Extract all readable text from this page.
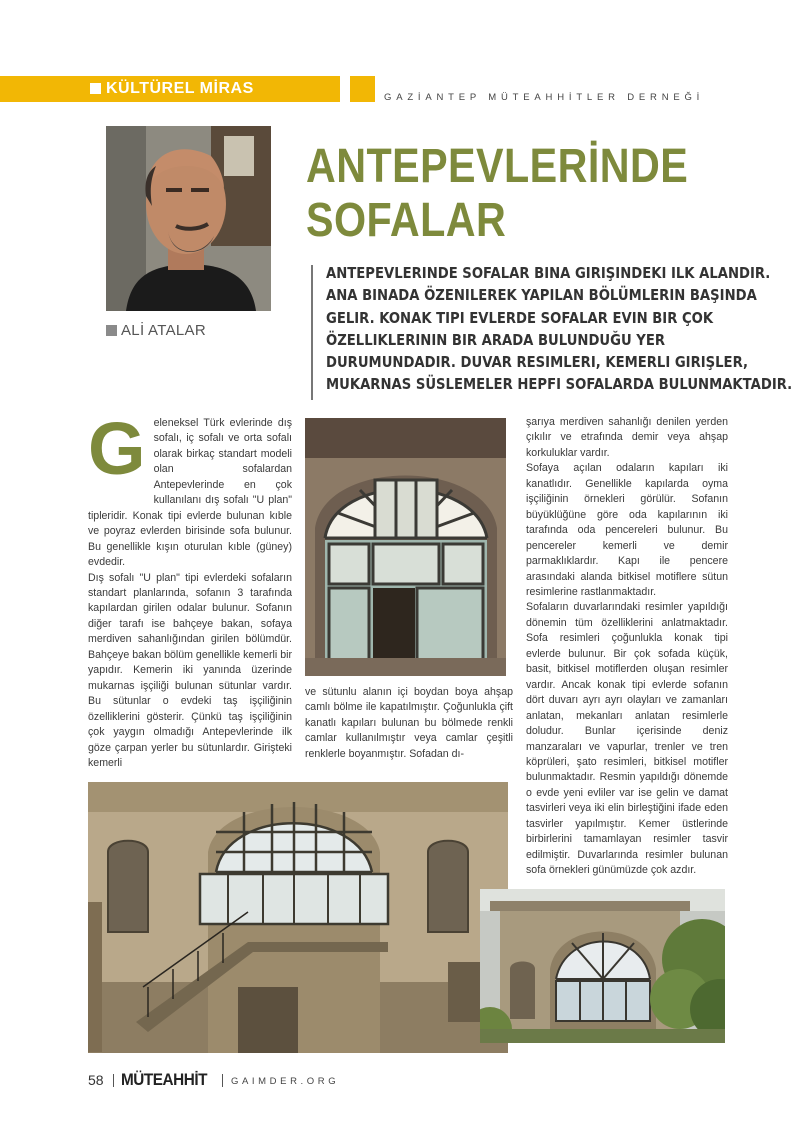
KÜLTÜREL MİRAS
GAZİANTEP MÜTEAHHİTLER DERNEĞİ
ALİ ATALAR
ANTEPEVLERİNDE
SOFALAR
ANTEPEVLERINDE SOFALAR BINA GIRIŞINDEKI ILK ALANDIR. ANA BINADA ÖZENILEREK YAPILAN BÖLÜMLERIN BAŞINDA GELIR. KONAK TIPI EVLERDE SOFALAR EVIN BIR ÇOK ÖZELLIKLERININ BIR ARADA BULUNDUĞU YER DURUMUNDADIR. DUVAR RESIMLERI, KEMERLI GIRIŞLER, MUKARNAS SÜSLEMELER HEPFI SOFALARDA BULUNMAKTADIR.
G eleneksel Türk evlerinde dış sofalı, iç sofalı ve orta sofalı olarak birkaç standart modeli olan sofalardan Antepevlerinde en çok kullanılanı dış sofalı "U plan" tipleridir. Konak tipi evlerde bulunan kıble ve poyraz evlerden birisinde sofa bulunur. Bu genellikle kışın oturulan kıble (güney) evdedir.

Dış sofalı "U plan" tipi evlerdeki sofaların standart planlarında, sofanın 3 tarafında kapılardan girilen odalar bulunur. Sofanın diğer tarafı ise bahçeye bakan, sofaya merdiven sahanlığından girilen bölümdür. Bahçeye bakan bölüm genellikle kemerli bir yapıdır. Kemerin iki yanında üzerinde mukarnas işçiliği bulunan sütunlar vardır. Bu sütunlar o evdeki taş işçiliğinin özelliklerini gösterir. Çünkü taş işçiliğinin çok yaygın olmadığı Antepevlerinde ilk göze çarpan yerler bu sütunlardır. Girişteki kemerli

ve sütunlu alanın içi boydan boya ahşap camlı bölme ile kapatılmıştır. Çoğunlukla çift kanatlı kapıları bulunan bu bölmede renkli camlar kullanılmıştır veya camlar çeşitli renklerle boyanmıştır. Sofadan dı-

şarıya merdiven sahanlığı denilen yerden çıkılır ve etrafında demir veya ahşap korkuluklar vardır.

Sofaya açılan odaların kapıları iki kanatlıdır. Genellikle kapılarda oyma işçiliğinin örnekleri görülür. Sofanın büyüklüğüne göre oda kapılarının iki tarafında oda pencereleri bulunur. Bu pencereler kemerli ve demir parmaklıklardır. Kapı ile pencere arasındaki alanda bitkisel motiflere sütun resimlerine rastlanmaktadır.

Sofaların duvarlarındaki resimler yapıldığı dönemin tüm özelliklerini anlatmaktadır. Sofa resimleri çoğunlukla konak tipi evlerde bulunur. Bir çok sofada küçük, basit, bitkisel motiflerden oluşan resimler vardır. Ancak konak tipi evlerde sofanın dört duvarı ayrı ayrı olayları ve zamanları anlatan, mekanları anlatan resimlerle doludur. Bunlar içerisinde deniz manzaraları ve vapurlar, trenler ve tren köprüleri, şato resimleri, bitkisel motifler bulunmaktadır. Resmin yapıldığı dönemde o evde yeni evliler var ise gelin ve damat tasvirleri veya iki elin birleştiğini ifade eden tasvirler yapılmıştır. Kemer üstlerinde birbirlerini tamamlayan resimler tasvir edilmiştir. Duvarlarında resimler bulunan sofa örnekleri günümüzde çok azdır.

58 MÜTEAHHİT	GAIMDER.ORG
